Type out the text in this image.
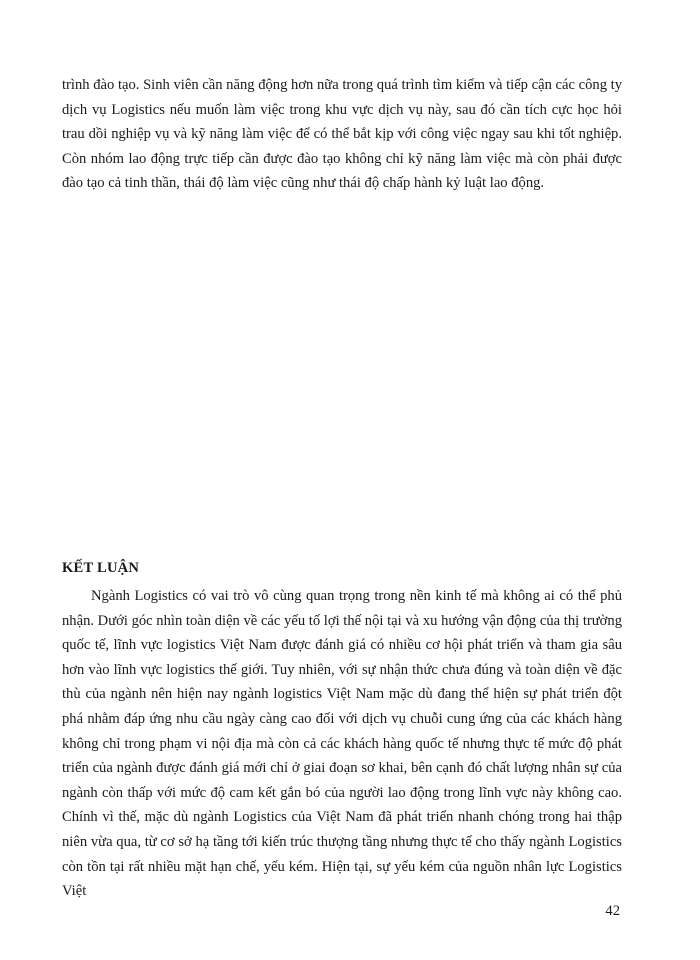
trình đào tạo. Sinh viên cần năng động hơn nữa trong quá trình tìm kiếm và tiếp cận các công ty dịch vụ Logistics nếu muốn làm việc trong khu vực dịch vụ này, sau đó cần tích cực học hỏi trau dồi nghiệp vụ và kỹ năng làm việc để có thể bắt kịp với công việc ngay sau khi tốt nghiệp. Còn nhóm lao động trực tiếp cần được đào tạo không chỉ kỹ năng làm việc mà còn phải được đào tạo cả tinh thần, thái độ làm việc cũng như thái độ chấp hành kỷ luật lao động.

KẾT LUẬN

Ngành Logistics có vai trò vô cùng quan trọng trong nền kinh tế mà không ai có thể phủ nhận. Dưới góc nhìn toàn diện về các yếu tố lợi thế nội tại và xu hướng vận động của thị trường quốc tế, lĩnh vực logistics Việt Nam được đánh giá có nhiều cơ hội phát triển và tham gia sâu hơn vào lĩnh vực logistics thế giới. Tuy nhiên, với sự nhận thức chưa đúng và toàn diện về đặc thù của ngành nên hiện nay ngành logistics Việt Nam mặc dù đang thể hiện sự phát triển đột phá nhằm đáp ứng nhu cầu ngày càng cao đối với dịch vụ chuỗi cung ứng của các khách hàng không chỉ trong phạm vi nội địa mà còn cả các khách hàng quốc tế nhưng thực tế mức độ phát triển của ngành được đánh giá mới chỉ ở giai đoạn sơ khai, bên cạnh đó chất lượng nhân sự của ngành còn thấp với mức độ cam kết gắn bó của người lao động trong lĩnh vực này không cao. Chính vì thế, mặc dù ngành Logistics của Việt Nam đã phát triển nhanh chóng trong hai thập niên vừa qua, từ cơ sở hạ tầng tới kiến trúc thượng tầng nhưng thực tế cho thấy ngành Logistics còn tồn tại rất nhiều mặt hạn chế, yếu kém. Hiện tại, sự yếu kém của nguồn nhân lực Logistics Việt

42
